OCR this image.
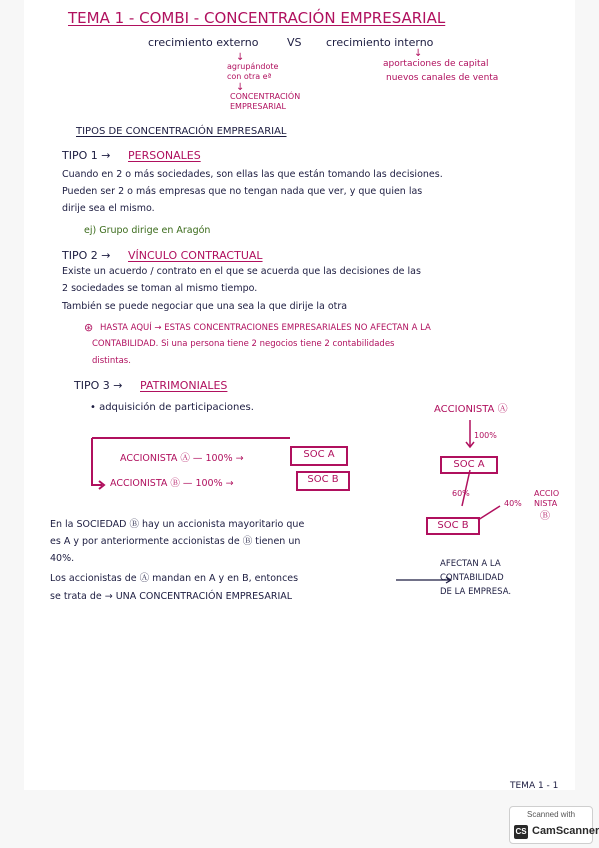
TEMA 1 - COMBI - CONCENTRACIÓN EMPRESARIAL
crecimiento externo	VS crecimiento interno
↓
agrupándote
con otra eª
↓
CONCENTRACIÓN
EMPRESARIAL
↓
aportaciones de capital
nuevos canales de venta
TIPOS DE CONCENTRACIÓN EMPRESARIAL
TIPO 1 → PERSONALES
Cuando en 2 o más sociedades, son ellas las que están tomando las decisiones.
Pueden ser 2 o más empresas que no tengan nada que ver, y que quien las
dirije sea el mismo.
ej) Grupo dirige en Aragón
TIPO 2 → VÍNCULO CONTRACTUAL
Existe un acuerdo / contrato en el que se acuerda que las decisiones de las
2 sociedades se toman al mismo tiempo.
También se puede negociar que una sea la que dirije la otra
⊛ HASTA AQUÍ → ESTAS CONCENTRACIONES EMPRESARIALES NO AFECTAN A LA
CONTABILIDAD. Si una persona tiene 2 negocios tiene 2 contabilidades
distintas.
TIPO 3 → PATRIMONIALES
• adquisición de participaciones.
ACCIONISTA Ⓐ — 100% →	SOC A
ACCIONISTA Ⓑ — 100% →	SOC B
ACCIONISTA Ⓐ
100%
SOC A
60%
40%
ACCIO
NISTA
Ⓑ
SOC B
En la SOCIEDAD Ⓑ hay un accionista mayoritario que
es A y por anteriormente accionistas de Ⓑ tienen un
40%.
Los accionistas de Ⓐ mandan en A y en B, entonces
se trata de → UNA CONCENTRACIÓN EMPRESARIAL
AFECTAN A LA
CONTABILIDAD
DE LA EMPRESA.
TEMA 1 - 1
Scanned with
CS CamScanner
